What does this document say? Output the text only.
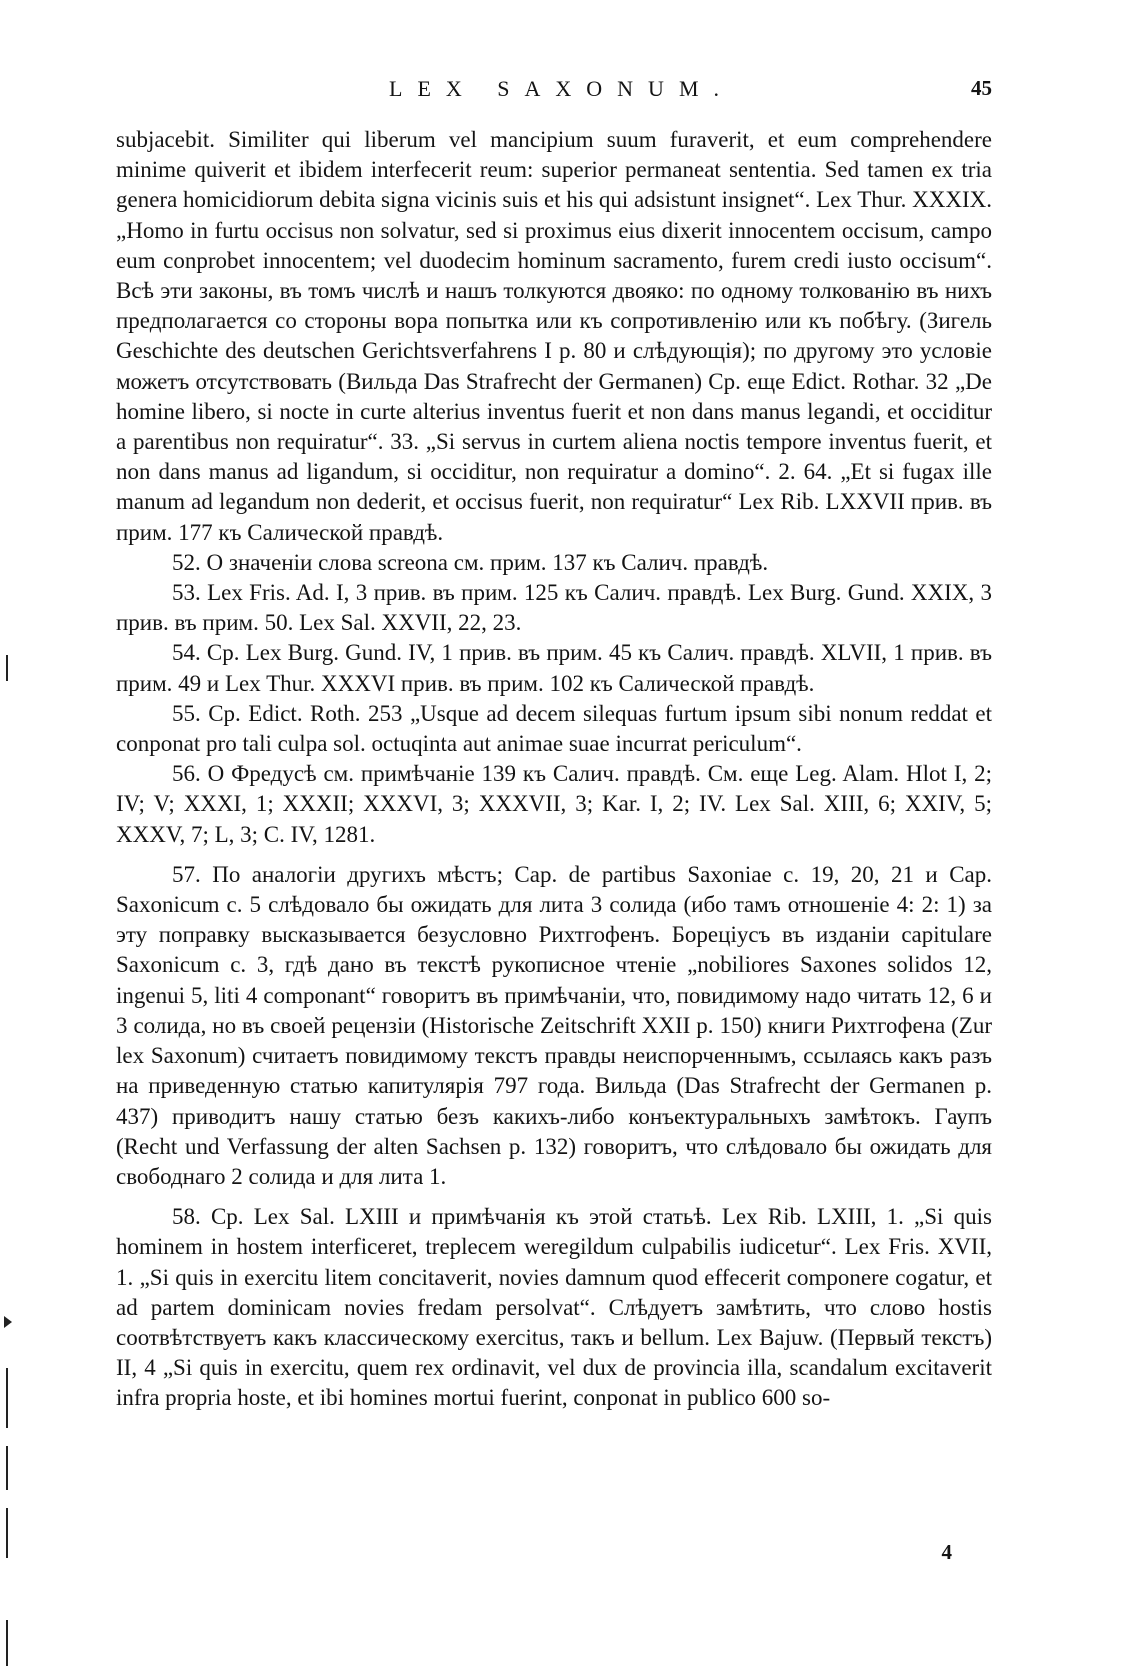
LEX SAXONUM.	45

subjacebit. Similiter qui liberum vel mancipium suum furaverit, et eum comprehendere minime quiverit et ibidem interfecerit reum: superior permaneat sententia. Sed tamen ex tria genera homicidiorum debita signa vicinis suis et his qui adsistunt insignet“. Lex Thur. XXXIX. „Homo in furtu occisus non solvatur, sed si proximus eius dixerit innocentem occisum, campo eum conprobet innocentem; vel duodecim hominum sacramento, furem credi iusto occisum“. Всѣ эти законы, въ томъ числѣ и нашъ толкуются двояко: по одному толкованію въ нихъ предполагается со стороны вора попытка или къ сопротивленію или къ побѣгу. (Зигель Geschichte des deutschen Gerichtsverfahrens I p. 80 и слѣдующія); по другому это условіе можетъ отсутствовать (Вильда Das Strafrecht der Germanen) Ср. еще Edict. Rothar. 32 „De homine libero, si nocte in curte alterius inventus fuerit et non dans manus legandi, et occiditur a parentibus non requiratur“. 33. „Si servus in curtem aliena noctis tempore inventus fuerit, et non dans manus ad ligandum, si occiditur, non requiratur a domino“. 2. 64. „Et si fugax ille manum ad legandum non dederit, et occisus fuerit, non requiratur“ Lex Rib. LXXVII прив. въ прим. 177 къ Салической правдѣ.

52. О значеніи слова screona см. прим. 137 къ Салич. правдѣ.

53. Lex Fris. Ad. I, 3 прив. въ прим. 125 къ Салич. правдѣ. Lex Burg. Gund. XXIX, 3 прив. въ прим. 50. Lex Sal. XXVII, 22, 23.

54. Ср. Lex Burg. Gund. IV, 1 прив. въ прим. 45 къ Салич. правдѣ. XLVII, 1 прив. въ прим. 49 и Lex Thur. XXXVI прив. въ прим. 102 къ Салической правдѣ.

55. Ср. Edict. Roth. 253 „Usque ad decem silequas furtum ipsum sibi nonum reddat et conponat pro tali culpa sol. octuqinta aut animae suae incurrat periculum“.

56. О Фредусѣ см. примѣчаніе 139 къ Салич. правдѣ. См. еще Leg. Alam. Hlot I, 2; IV; V; XXXI, 1; XXXII; XXXVI, 3; XXXVII, 3; Kar. I, 2; IV. Lex Sal. XIII, 6; XXIV, 5; XXXV, 7; L, 3; C. IV, 1281.

57. По аналогіи другихъ мѣстъ; Cap. de partibus Saxoniae c. 19, 20, 21 и Cap. Saxonicum c. 5 слѣдовало бы ожидать для лита 3 солида (ибо тамъ отношеніе 4: 2: 1) за эту поправку высказывается безусловно Рихтгофенъ. Борецiусъ въ изданіи capitulare Saxonicum c. 3, гдѣ дано въ текстѣ рукописное чтеніе „nobiliores Saxones solidos 12, ingenui 5, liti 4 componant“ говоритъ въ примѣчаніи, что, повидимому надо читать 12, 6 и 3 солида, но въ своей рецензіи (Historische Zeitschrift XXII p. 150) книги Рихтгофена (Zur lex Saxonum) считаетъ повидимому текстъ правды неиспорченнымъ, ссылаясь какъ разъ на приведенную статью капитулярія 797 года. Вильда (Das Strafrecht der Germanen p. 437) приводитъ нашу статью безъ какихъ-либо конъектуральныхъ замѣтокъ. Гаупъ (Recht und Verfassung der alten Sachsen p. 132) говоритъ, что слѣдовало бы ожидать для свободнаго 2 солида и для лита 1.

58. Ср. Lex Sal. LXIII и примѣчанія къ этой статьѣ. Lex Rib. LXIII, 1. „Si quis hominem in hostem interficeret, treplecem weregildum culpabilis iudicetur“. Lex Fris. XVII, 1. „Si quis in exercitu litem concitaverit, novies damnum quod effecerit componere cogatur, et ad partem dominicam novies fredam persolvat“. Слѣдуетъ замѣтить, что слово hostis соотвѣтствуетъ какъ классическому exercitus, такъ и bellum. Lex Bajuw. (Первый текстъ) II, 4 „Si quis in exercitu, quem rex ordinavit, vel dux de provincia illa, scandalum excitaverit infra propria hoste, et ibi homines mortui fuerint, conponat in publico 600 so-

4
